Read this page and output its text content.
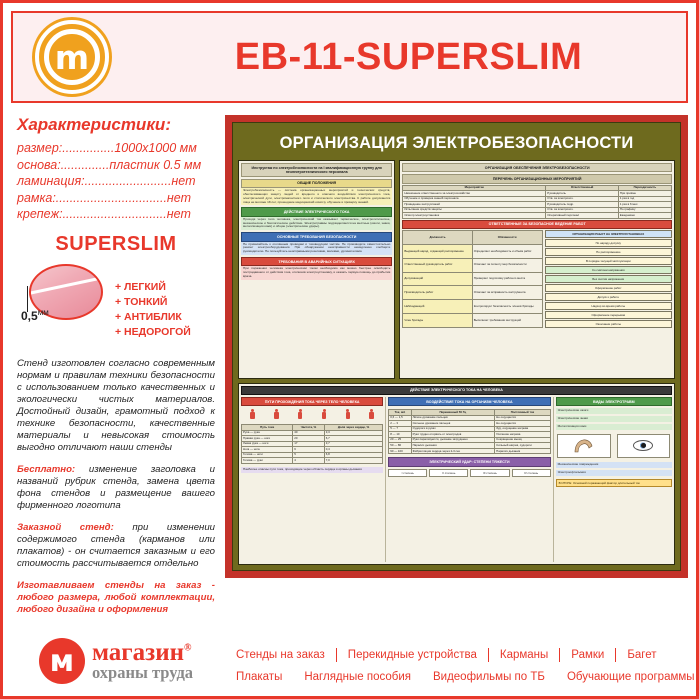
m	EB-11-SUPERSLIM
Характеристики:
размер:...............1000х1000 мм
основа:..............пластик 0.5 мм
ламинация:.........................нет
рамка:................................нет
крепеж:..............................нет
SUPERSLIM
$0,5^{мм}$
+ ЛЕГКИЙ
+ ТОНКИЙ
+ АНТИБЛИК
+ НЕДОРОГОЙ
Стенд изготовлен согласно современным нормам и правилам техники безопасности с использованием только качественных и экологически чистых материалов. Достойный дизайн, грамотный подход к технике безопасности, качественные материалы и невысокая стоимость выгодно отличают наши стенды
Бесплатно: изменение заголовка и названий рубрик стенда, замена цвета фона стендов и размещение вашего фирменного логотипа
Заказной стенд: при изменении содержимого стенда (карманов или плакатов) - он считается заказным и его стоимость рассчитывается отдельно
Изготавливаем стенды на заказ - любого размера, любой комплектации, любого дизайна и оформления
м магазин®
охраны труда
Стенды на заказ	Перекидные устройства	Карманы	Рамки	Багет
Плакаты	Наглядные пособия	Видеофильмы по ТБ	Обучающие программы
ОРГАНИЗАЦИЯ ЭЛЕКТРОБЕЗОПАСНОСТИ
Инструктаж по электробезопасности на I квалификационную группу для неэлектротехнического персонала
ОБЩИЕ ПОЛОЖЕНИЯ
Электробезопасность — система организационных мероприятий и технических средств, обеспечивающих защиту людей от вредного и опасного воздействия электрического тока, электрической дуги, электромагнитного поля и статического электричества. К работе допускаются лица не моложе 18 лет, прошедшие медицинский осмотр, обучение и проверку знаний.
ДЕЙСТВИЕ ЭЛЕКТРИЧЕСКОГО ТОКА
Проходя через тело человека, электрический ток оказывает термическое, электролитическое, механическое и биологическое действие. Электротравмы подразделяются на местные (ожоги, знаки, металлизация кожи) и общие (электрические удары).
ОСНОВНЫЕ ТРЕБОВАНИЯ БЕЗОПАСНОСТИ
Не прикасайтесь к оголённым проводам и токоведущим частям. Не производите самостоятельно ремонт электрооборудования. При обнаружении неисправности немедленно сообщите руководителю. Не пользуйтесь неисправными розетками, вилками, удлинителями.
ТРЕБОВАНИЯ В АВАРИЙНЫХ СИТУАЦИЯХ
При поражении человека электрическим током необходимо как можно быстрее освободить пострадавшего от действия тока, отключив электроустановку, и оказать первую помощь до прибытия врача.
ОРГАНИЗАЦИЯ ОБЕСПЕЧЕНИЯ ЭЛЕКТРОБЕЗОПАСНОСТИ
ПЕРЕЧЕНЬ ОРГАНИЗАЦИОННЫХ МЕРОПРИЯТИЙ
Мероприятие	Ответственный	Периодичность
Назначение ответственного за электрохозяйство	Руководитель	При приёме
Обучение и проверка знаний персонала	Отв. за электрохоз.	1 раз в год
Проведение инструктажей	Руководитель подр.	1 раз в 6 мес.
Испытание средств защиты	Отв. за электрохоз.	По графику
Осмотр электроустановок	Оперативный персонал	Ежедневно
ОТВЕТСТВЕННЫЕ ЗА БЕЗОПАСНОЕ ВЕДЕНИЕ РАБОТ
Должность	Обязанности
Выдающий наряд, отдающий распоряжение	Определяет необходимость и объём работ
Ответственный руководитель работ	Отвечает за полноту мер безопасности
Допускающий	Проверяет подготовку рабочего места
Производитель работ	Отвечает за исправность инструмента
Наблюдающий	Контролирует безопасность членов бригады
Член бригады	Выполняет требования инструкций
ОРГАНИЗАЦИЯ РАБОТ НА ЭЛЕКТРОУСТАНОВКАХ
По наряду-допуску
По распоряжению
В порядке текущей эксплуатации
Со снятием напряжения
Без снятия напряжения
Оформление работ
Допуск к работе
Надзор во время работы
Оформление перерывов
Окончание работы
ДЕЙСТВИЕ ЭЛЕКТРИЧЕСКОГО ТОКА НА ЧЕЛОВЕКА
ПУТИ ПРОХОЖДЕНИЯ ТОКА ЧЕРЕЗ ТЕЛО ЧЕЛОВЕКА
Путь тока	Частота, %	Доля через сердце, %
Рука — рука	40	3,3
Правая рука — ноги	20	6,7
Левая рука — ноги	17	3,7
Нога — нога	6	0,4
Голова — ноги	5	6,8
Голова — руки	4	7,0
Наиболее опасны пути тока, проходящие через область сердца и органы дыхания
ВОЗДЕЙСТВИЕ ТОКА НА ОРГАНИЗМ ЧЕЛОВЕКА
Ток, мА	Переменный 50 Гц	Постоянный ток
0,6 — 1,5	Лёгкое дрожание пальцев	Не ощущается
2 — 3	Сильное дрожание пальцев	Не ощущается
5 — 7	Судороги в руках	Зуд, ощущение нагрева
8 — 10	Руки трудно оторвать от электродов	Усиление нагрева
20 — 25	Руки парализуются, дыхание затруднено	Сокращение мышц
50 — 80	Паралич дыхания	Сильный нагрев, судороги
90 — 100	Фибрилляция сердца через 2-3 сек	Паралич дыхания
ЭЛЕКТРИЧЕСКИЙ УДАР: СТЕПЕНИ ТЯЖЕСТИ
I степень	II степень	III степень	IV степень
ВИДЫ ЭЛЕКТРОТРАВМ
Электрические ожоги
Электрические знаки
Металлизация кожи
Механические повреждения
Электроофтальмия
В ИТОГЕ: Основной поражающий фактор длительный ток
